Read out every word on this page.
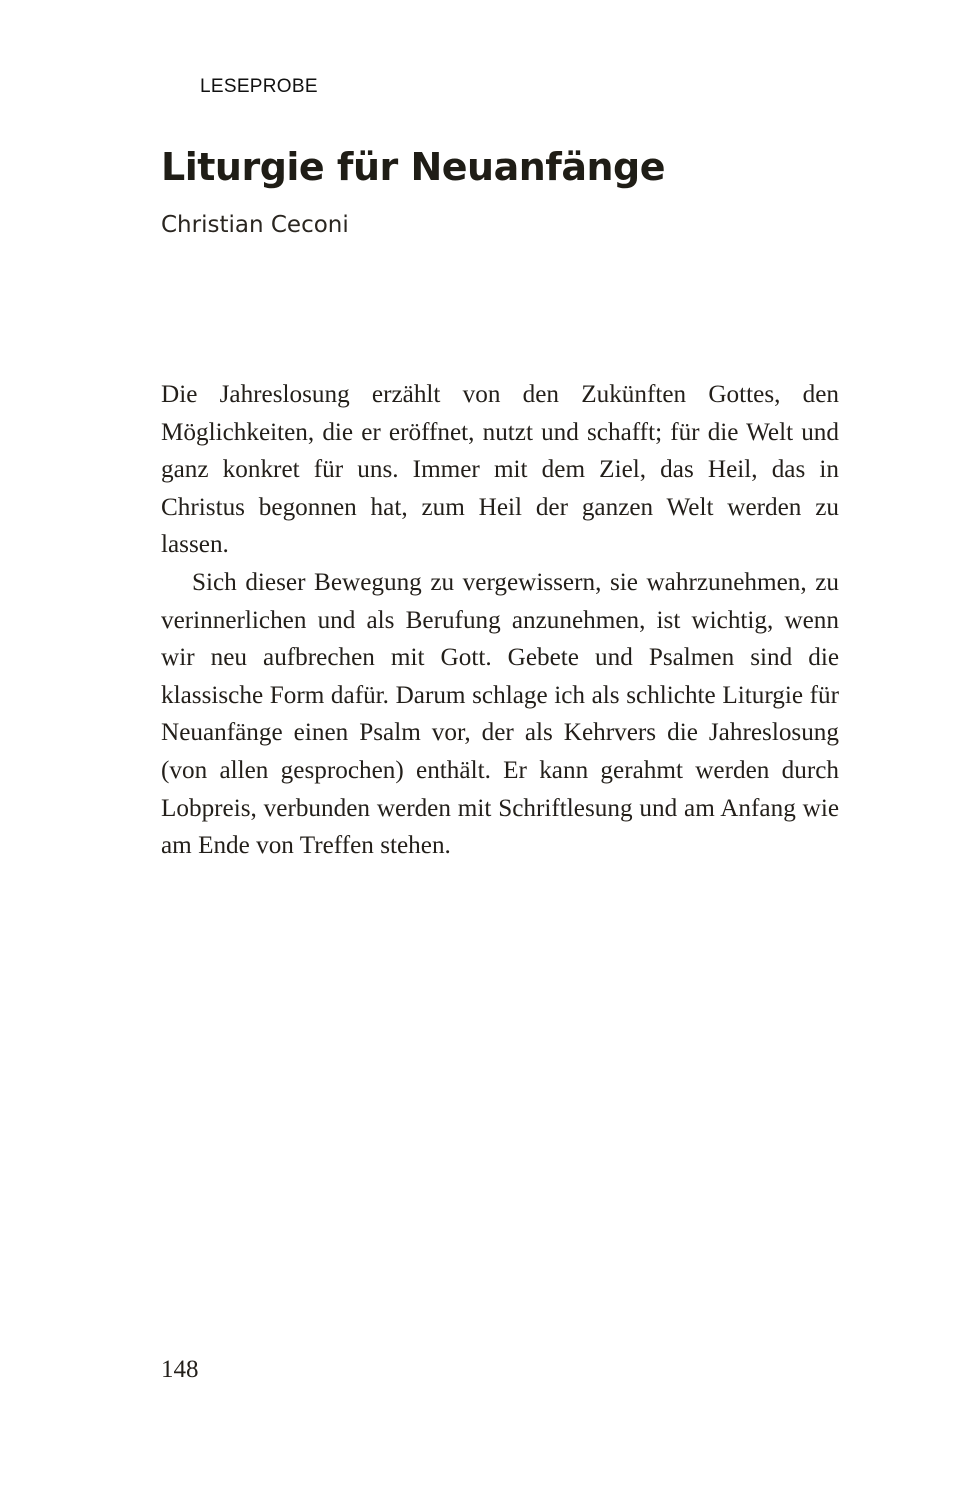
LESEPROBE
Liturgie für Neuanfänge
Christian Ceconi

Die Jahreslosung erzählt von den Zukünften Gottes, den Möglichkeiten, die er eröffnet, nutzt und schafft; für die Welt und ganz konkret für uns. Immer mit dem Ziel, das Heil, das in Christus begonnen hat, zum Heil der ganzen Welt werden zu lassen.

Sich dieser Bewegung zu vergewissern, sie wahrzunehmen, zu verinnerlichen und als Berufung anzunehmen, ist wichtig, wenn wir neu aufbrechen mit Gott. Gebete und Psalmen sind die klassische Form dafür. Darum schlage ich als schlichte Liturgie für Neuanfänge einen Psalm vor, der als Kehrvers die Jahreslosung (von allen gesprochen) enthält. Er kann gerahmt werden durch Lobpreis, verbunden werden mit Schriftlesung und am Anfang wie am Ende von Treffen stehen.

148
